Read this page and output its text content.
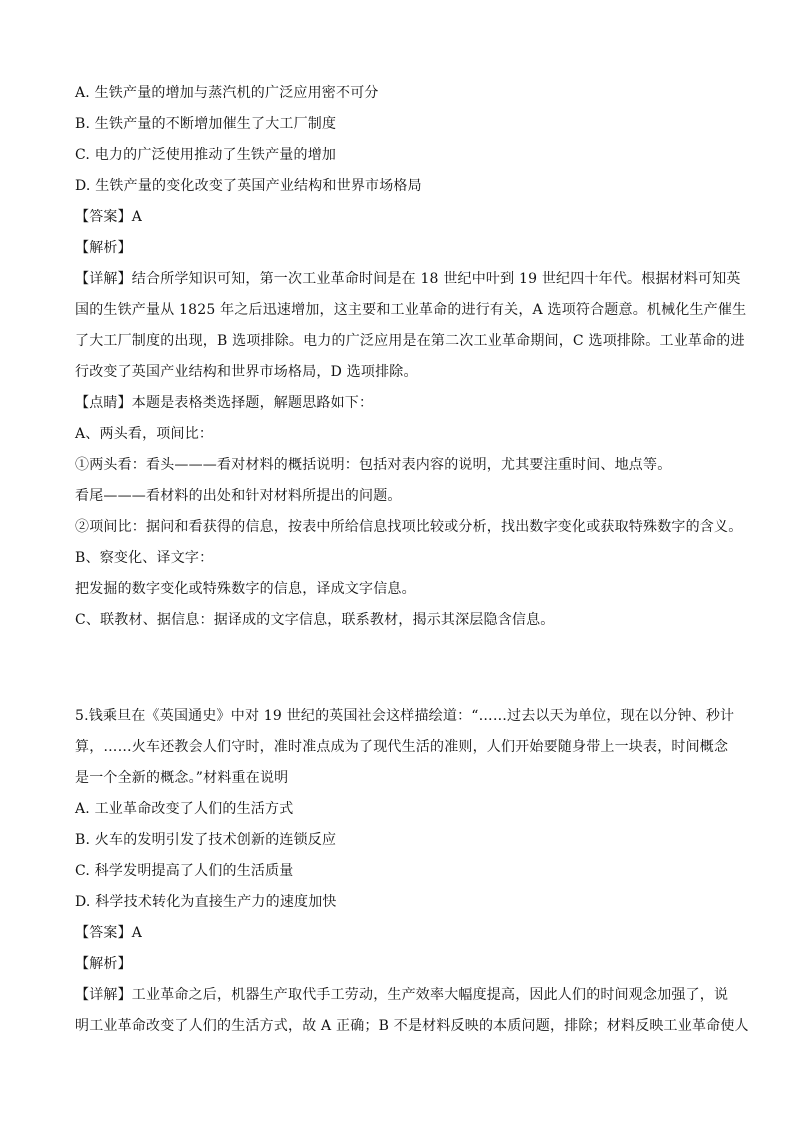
A. 生铁产量的增加与蒸汽机的广泛应用密不可分
B. 生铁产量的不断增加催生了大工厂制度
C. 电力的广泛使用推动了生铁产量的增加
D. 生铁产量的变化改变了英国产业结构和世界市场格局
【答案】A
【解析】
【详解】结合所学知识可知，第一次工业革命时间是在 18 世纪中叶到 19 世纪四十年代。根据材料可知英
国的生铁产量从 1825 年之后迅速增加，这主要和工业革命的进行有关，A 选项符合题意。机械化生产催生
了大工厂制度的出现，B 选项排除。电力的广泛应用是在第二次工业革命期间，C 选项排除。工业革命的进
行改变了英国产业结构和世界市场格局，D 选项排除。
【点睛】本题是表格类选择题，解题思路如下：
A、两头看，项间比：
①两头看：看头———看对材料的概括说明：包括对表内容的说明，尤其要注重时间、地点等。
看尾———看材料的出处和针对材料所提出的问题。
②项间比：据问和看获得的信息，按表中所给信息找项比较或分析，找出数字变化或获取特殊数字的含义。
B、察变化、译文字：
把发掘的数字变化或特殊数字的信息，译成文字信息。
C、联教材、据信息：据译成的文字信息，联系教材，揭示其深层隐含信息。
5.钱乘旦在《英国通史》中对 19 世纪的英国社会这样描绘道：“……过去以天为单位，现在以分钟、秒计
算，……火车还教会人们守时，准时准点成为了现代生活的准则，人们开始要随身带上一块表，时间概念
是一个全新的概念。”材料重在说明
A. 工业革命改变了人们的生活方式
B. 火车的发明引发了技术创新的连锁反应
C. 科学发明提高了人们的生活质量
D. 科学技术转化为直接生产力的速度加快
【答案】A
【解析】
【详解】工业革命之后，机器生产取代手工劳动，生产效率大幅度提高，因此人们的时间观念加强了，说
明工业革命改变了人们的生活方式，故 A 正确；B 不是材料反映的本质问题，排除；材料反映工业革命使人
